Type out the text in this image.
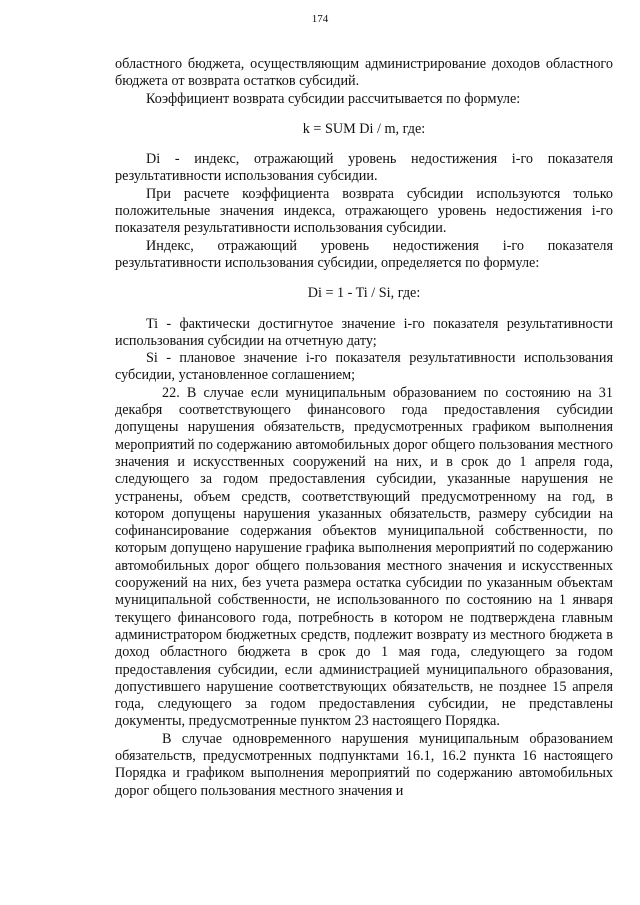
174

областного бюджета, осуществляющим администрирование доходов областного бюджета от возврата остатков субсидий.

Коэффициент возврата субсидии рассчитывается по формуле:

k = SUM Di / m, где:

Di - индекс, отражающий уровень недостижения i-го показателя результативности использования субсидии.

При расчете коэффициента возврата субсидии используются только положительные значения индекса, отражающего уровень недостижения i-го показателя результативности использования субсидии.

Индекс, отражающий уровень недостижения i-го показателя результативности использования субсидии, определяется по формуле:

Di = 1 - Ti / Si, где:

Ti - фактически достигнутое значение i-го показателя результативности использования субсидии на отчетную дату;

Si - плановое значение i-го показателя результативности использования субсидии, установленное соглашением;

22. В случае если муниципальным образованием по состоянию на 31 декабря соответствующего финансового года предоставления субсидии допущены нарушения обязательств, предусмотренных графиком выполнения мероприятий по содержанию автомобильных дорог общего пользования местного значения и искусственных сооружений на них, и в срок до 1 апреля года, следующего за годом предоставления субсидии, указанные нарушения не устранены, объем средств, соответствующий предусмотренному на год, в котором допущены нарушения указанных обязательств, размеру субсидии на софинансирование содержания объектов муниципальной собственности, по которым допущено нарушение графика выполнения мероприятий по содержанию автомобильных дорог общего пользования местного значения и искусственных сооружений на них, без учета размера остатка субсидии по указанным объектам муниципальной собственности, не использованного по состоянию на 1 января текущего финансового года, потребность в котором не подтверждена главным администратором бюджетных средств, подлежит возврату из местного бюджета в доход областного бюджета в срок до 1 мая года, следующего за годом предоставления субсидии, если администрацией муниципального образования, допустившего нарушение соответствующих обязательств, не позднее 15 апреля года, следующего за годом предоставления субсидии, не представлены документы, предусмотренные пунктом 23 настоящего Порядка.

В случае одновременного нарушения муниципальным образованием обязательств, предусмотренных подпунктами 16.1, 16.2 пункта 16 настоящего Порядка и графиком выполнения мероприятий по содержанию автомобильных дорог общего пользования местного значения и
